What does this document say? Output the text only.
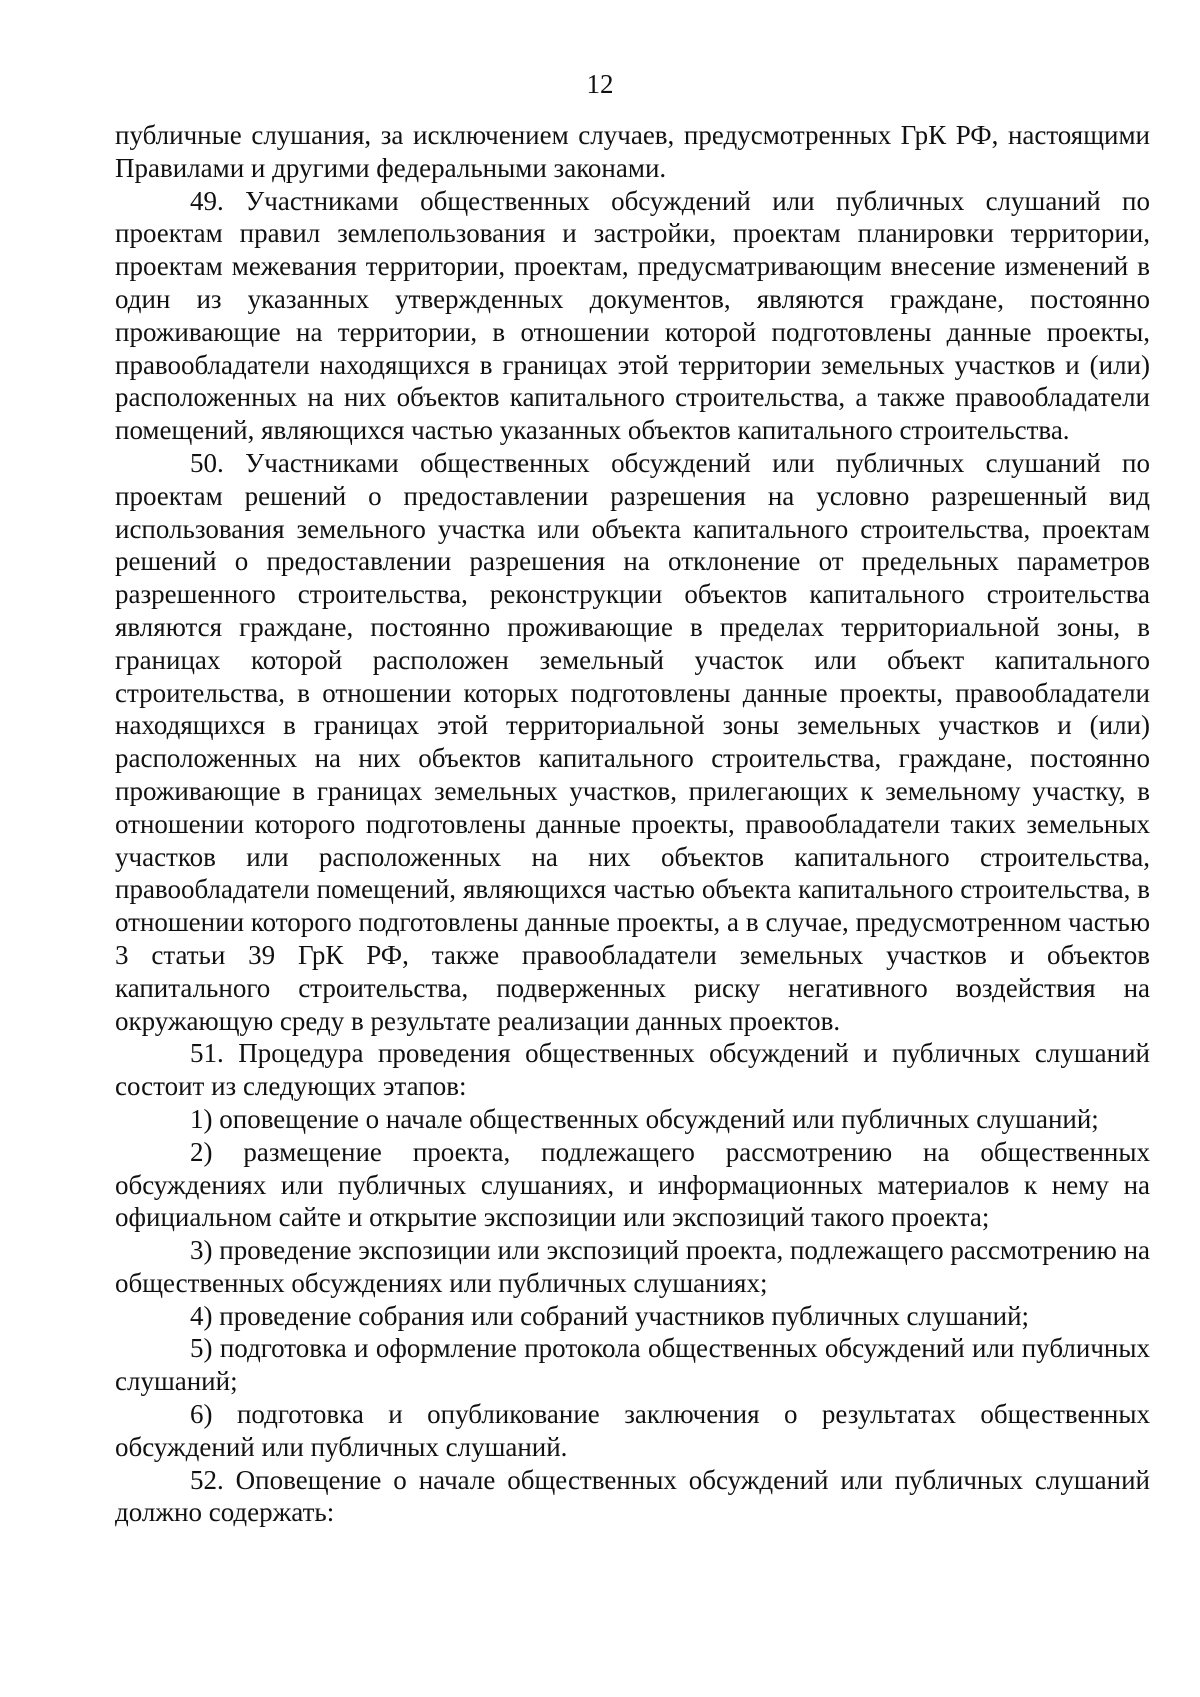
12

публичные слушания, за исключением случаев, предусмотренных ГрК РФ, настоящими Правилами и другими федеральными законами.

49. Участниками общественных обсуждений или публичных слушаний по проектам правил землепользования и застройки, проектам планировки территории, проектам межевания территории, проектам, предусматривающим внесение изменений в один из указанных утвержденных документов, являются граждане, постоянно проживающие на территории, в отношении которой подготовлены данные проекты, правообладатели находящихся в границах этой территории земельных участков и (или) расположенных на них объектов капитального строительства, а также правообладатели помещений, являющихся частью указанных объектов капитального строительства.

50. Участниками общественных обсуждений или публичных слушаний по проектам решений о предоставлении разрешения на условно разрешенный вид использования земельного участка или объекта капитального строительства, проектам решений о предоставлении разрешения на отклонение от предельных параметров разрешенного строительства, реконструкции объектов капитального строительства являются граждане, постоянно проживающие в пределах территориальной зоны, в границах которой расположен земельный участок или объект капитального строительства, в отношении которых подготовлены данные проекты, правообладатели находящихся в границах этой территориальной зоны земельных участков и (или) расположенных на них объектов капитального строительства, граждане, постоянно проживающие в границах земельных участков, прилегающих к земельному участку, в отношении которого подготовлены данные проекты, правообладатели таких земельных участков или расположенных на них объектов капитального строительства, правообладатели помещений, являющихся частью объекта капитального строительства, в отношении которого подготовлены данные проекты, а в случае, предусмотренном частью 3 статьи 39 ГрК РФ, также правообладатели земельных участков и объектов капитального строительства, подверженных риску негативного воздействия на окружающую среду в результате реализации данных проектов.

51. Процедура проведения общественных обсуждений и публичных слушаний состоит из следующих этапов:

1) оповещение о начале общественных обсуждений или публичных слушаний;

2) размещение проекта, подлежащего рассмотрению на общественных обсуждениях или публичных слушаниях, и информационных материалов к нему на официальном сайте и открытие экспозиции или экспозиций такого проекта;

3) проведение экспозиции или экспозиций проекта, подлежащего рассмотрению на общественных обсуждениях или публичных слушаниях;

4) проведение собрания или собраний участников публичных слушаний;

5) подготовка и оформление протокола общественных обсуждений или публичных слушаний;

6) подготовка и опубликование заключения о результатах общественных обсуждений или публичных слушаний.

52. Оповещение о начале общественных обсуждений или публичных слушаний должно содержать:
